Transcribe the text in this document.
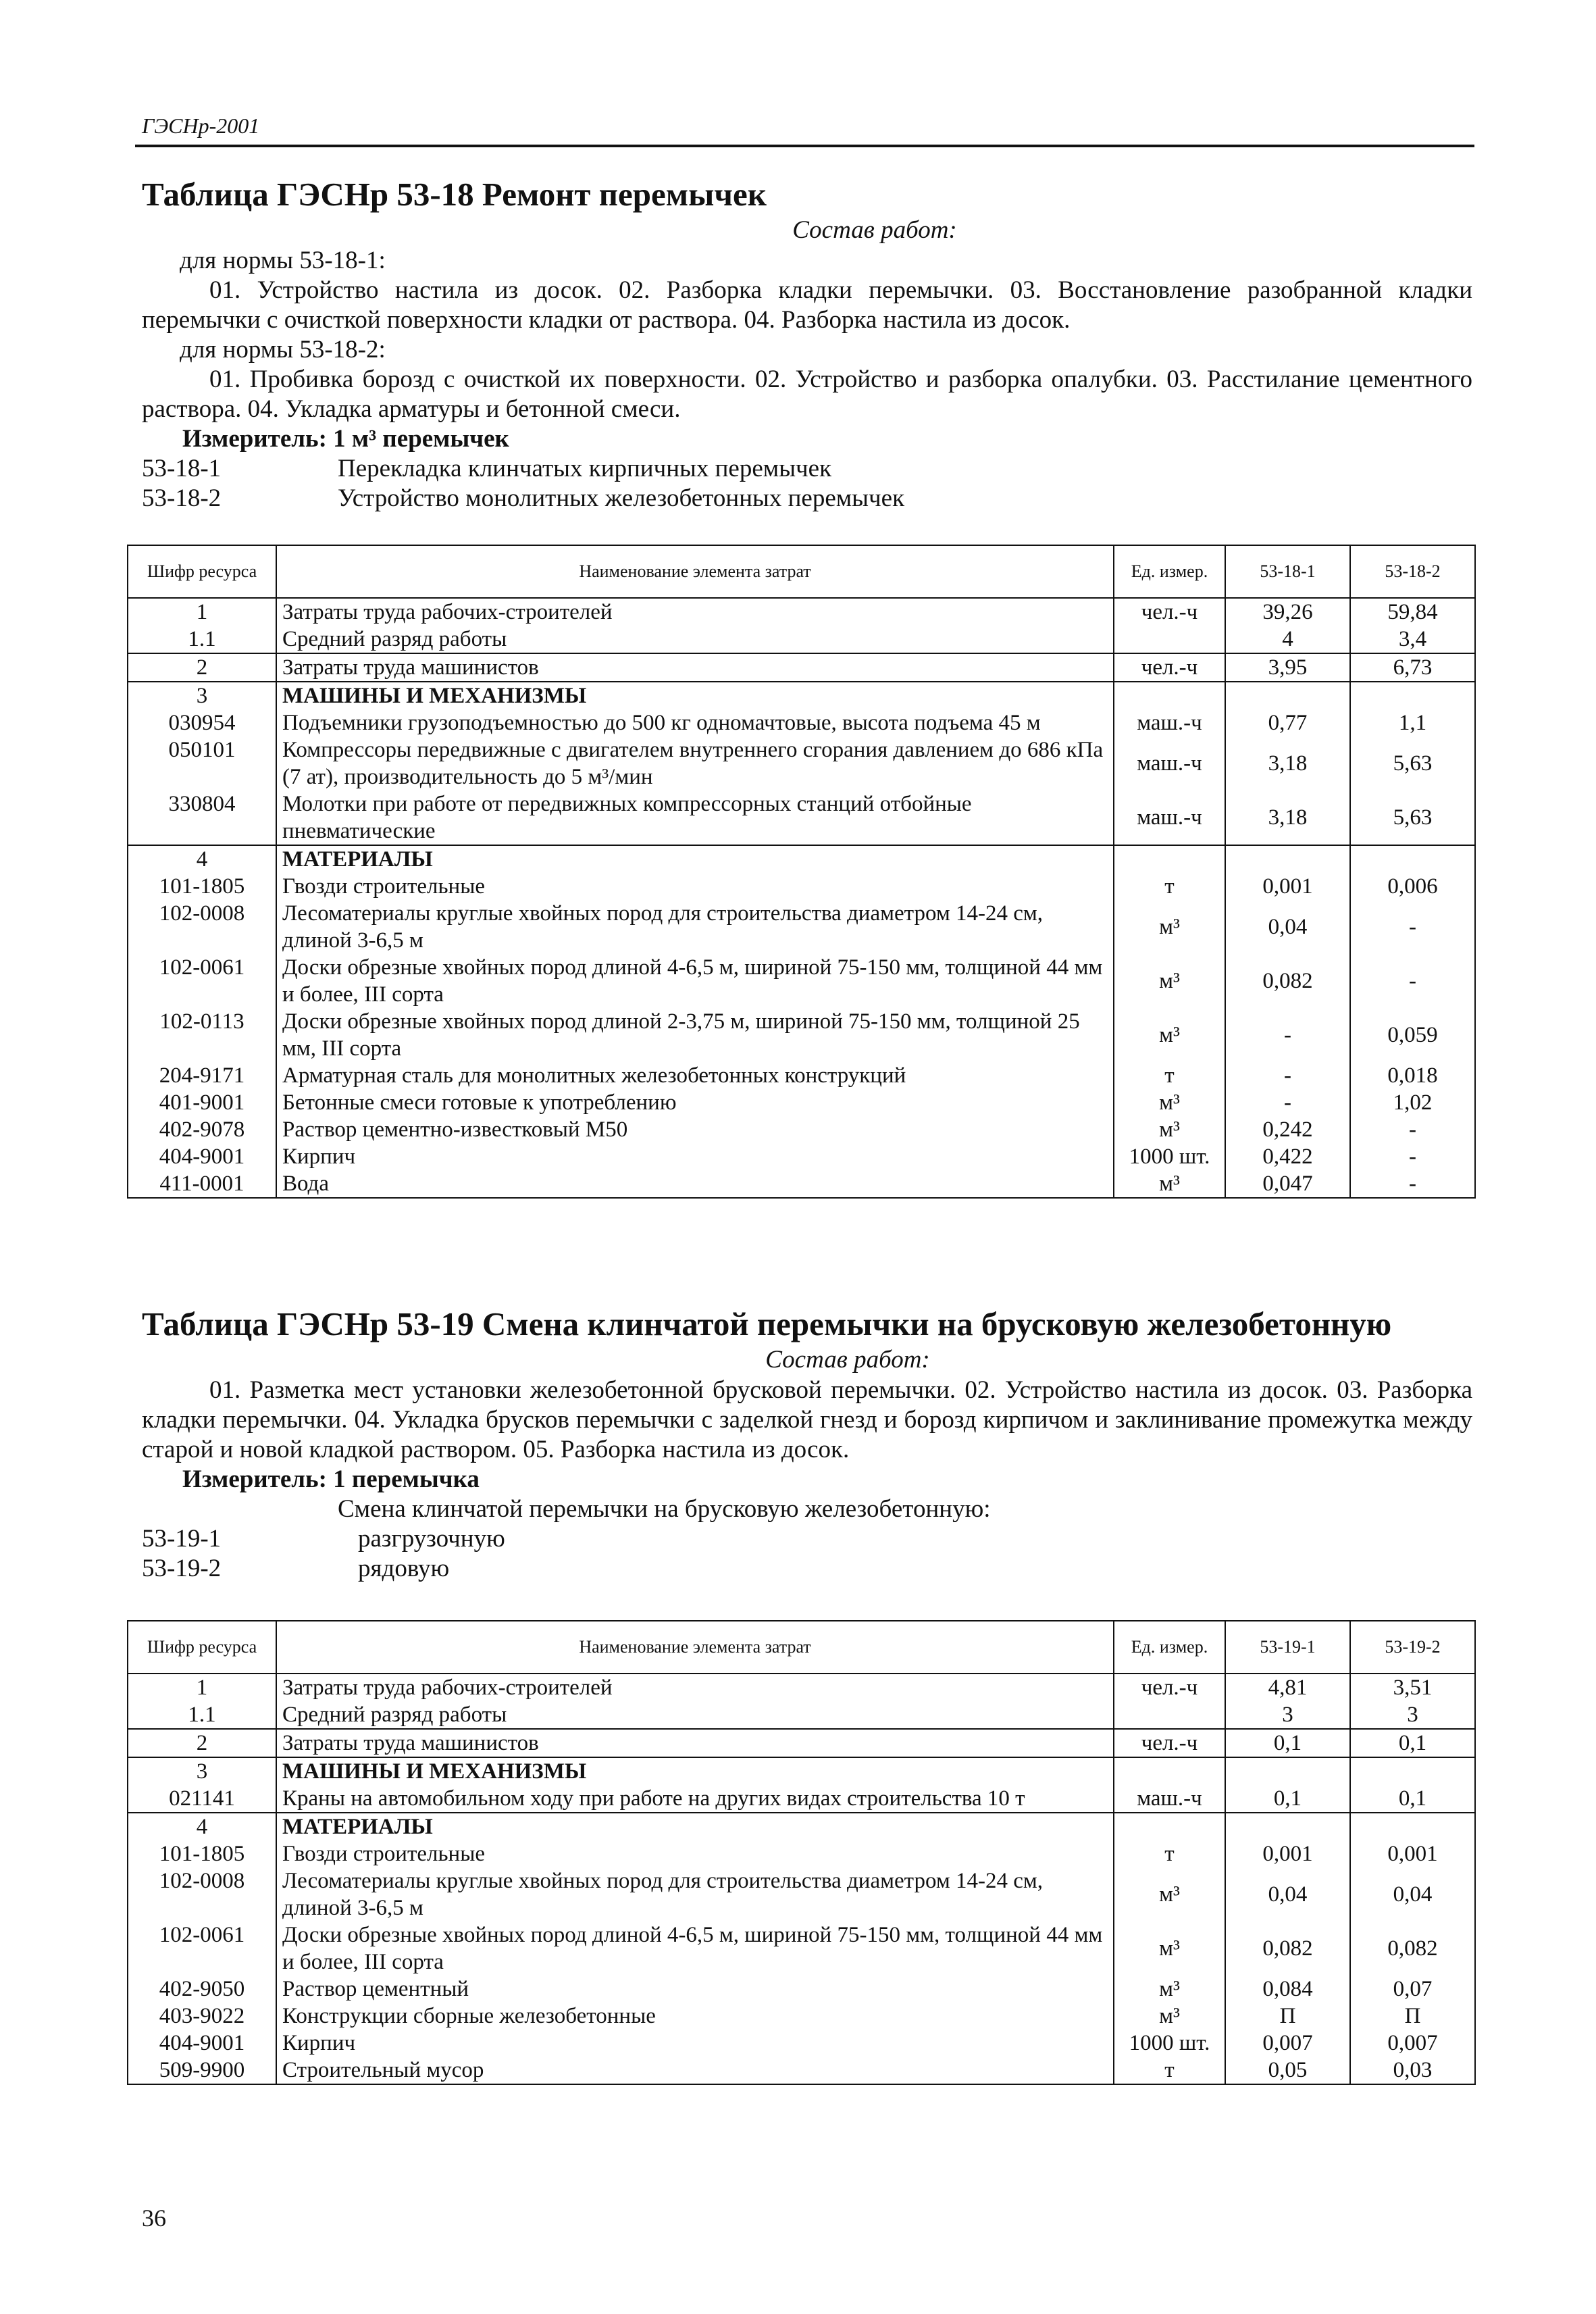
ГЭСНр-2001
Таблица ГЭСНр 53-18 Ремонт перемычек
Состав работ:

для нормы 53-18-1:

01. Устройство настила из досок. 02. Разборка кладки перемычки. 03. Восстановление разобранной кладки перемычки с очисткой поверхности кладки от раствора. 04. Разборка настила из досок.

для нормы 53-18-2:

01. Пробивка борозд с очисткой их поверхности. 02. Устройство и разборка опалубки. 03. Расстилание цементного раствора. 04. Укладка арматуры и бетонной смеси.

Измеритель: 1 м³ перемычек
53-18-1	Перекладка клинчатых кирпичных перемычек
53-18-2	Устройство монолитных железобетонных перемычек
Шифр ресурса	Наименование элемента затрат	Ед. измер.	53-18-1	53-18-2
1	Затраты труда рабочих-строителей	чел.-ч	39,26	59,84
1.1	Средний разряд работы		4	3,4
2	Затраты труда машинистов	чел.-ч	3,95	6,73
3	МАШИНЫ И МЕХАНИЗМЫ			
030954	Подъемники грузоподъемностью до 500 кг одномачтовые, высота подъема 45 м	маш.-ч	0,77	1,1
050101	Компрессоры передвижные с двигателем внутреннего сгорания давлением до 686 кПа (7 ат), производительность до 5 м³/мин	маш.-ч	3,18	5,63
330804	Молотки при работе от передвижных компрессорных станций отбойные пневматические	маш.-ч	3,18	5,63
4	МАТЕРИАЛЫ			
101-1805	Гвозди строительные	т	0,001	0,006
102-0008	Лесоматериалы круглые хвойных пород для строительства диаметром 14-24 см, длиной 3-6,5 м	м³	0,04	-
102-0061	Доски обрезные хвойных пород длиной 4-6,5 м, шириной 75-150 мм, толщиной 44 мм и более, III сорта	м³	0,082	-
102-0113	Доски обрезные хвойных пород длиной 2-3,75 м, шириной 75-150 мм, толщиной 25 мм, III сорта	м³	-	0,059
204-9171	Арматурная сталь для монолитных железобетонных конструкций	т	-	0,018
401-9001	Бетонные смеси готовые к употреблению	м³	-	1,02
402-9078	Раствор цементно-известковый М50	м³	0,242	-
404-9001	Кирпич	1000 шт.	0,422	-
411-0001	Вода	м³	0,047	-
Таблица ГЭСНр 53-19 Смена клинчатой перемычки на брусковую железобетонную
Состав работ:

01. Разметка мест установки железобетонной брусковой перемычки. 02. Устройство настила из досок. 03. Разборка кладки перемычки. 04. Укладка брусков перемычки с заделкой гнезд и борозд кирпичом и заклинивание промежутка между старой и новой кладкой раствором. 05. Разборка настила из досок.

Измеритель: 1 перемычка
Смена клинчатой перемычки на брусковую железобетонную:
53-19-1	разгрузочную
53-19-2	рядовую
Шифр ресурса	Наименование элемента затрат	Ед. измер.	53-19-1	53-19-2
1	Затраты труда рабочих-строителей	чел.-ч	4,81	3,51
1.1	Средний разряд работы		3	3
2	Затраты труда машинистов	чел.-ч	0,1	0,1
3	МАШИНЫ И МЕХАНИЗМЫ			
021141	Краны на автомобильном ходу при работе на других видах строительства 10 т	маш.-ч	0,1	0,1
4	МАТЕРИАЛЫ			
101-1805	Гвозди строительные	т	0,001	0,001
102-0008	Лесоматериалы круглые хвойных пород для строительства диаметром 14-24 см, длиной 3-6,5 м	м³	0,04	0,04
102-0061	Доски обрезные хвойных пород длиной 4-6,5 м, шириной 75-150 мм, толщиной 44 мм и более, III сорта	м³	0,082	0,082
402-9050	Раствор цементный	м³	0,084	0,07
403-9022	Конструкции сборные железобетонные	м³	П	П
404-9001	Кирпич	1000 шт.	0,007	0,007
509-9900	Строительный мусор	т	0,05	0,03
36
